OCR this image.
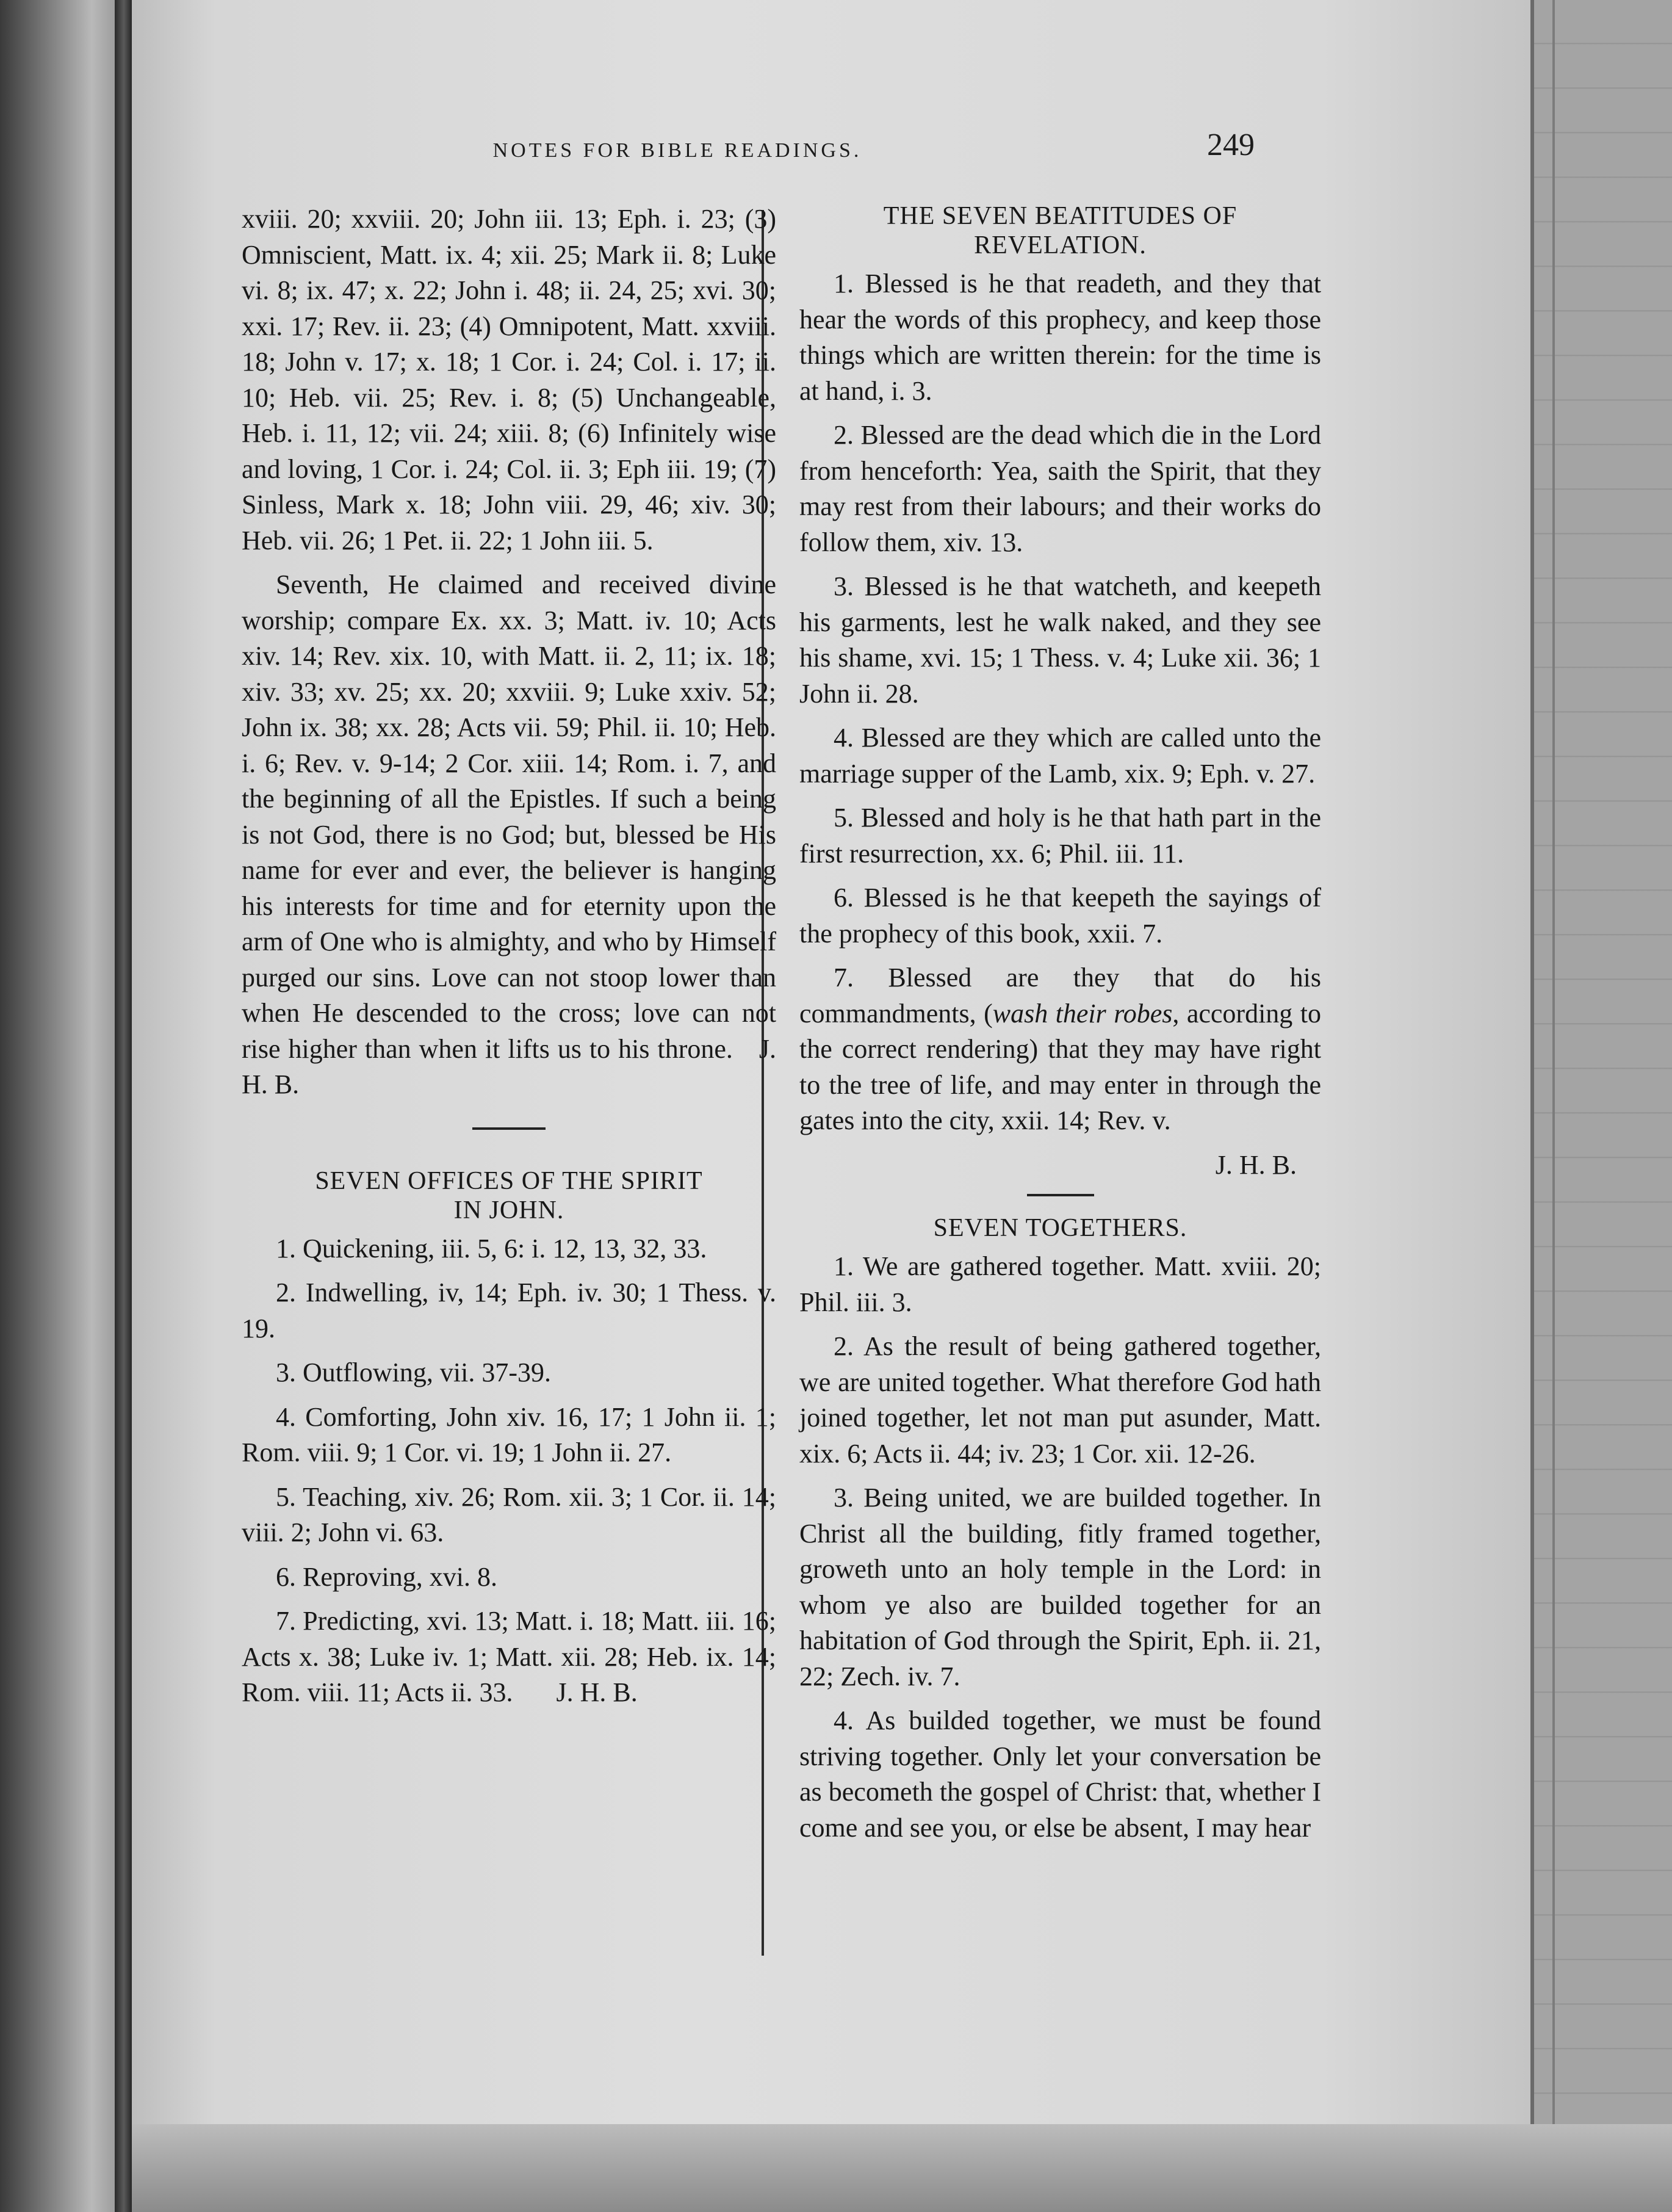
NOTES FOR BIBLE READINGS.	249

xviii. 20; xxviii. 20; John iii. 13; Eph. i. 23; (3) Omniscient, Matt. ix. 4; xii. 25; Mark ii. 8; Luke vi. 8; ix. 47; x. 22; John i. 48; ii. 24, 25; xvi. 30; xxi. 17; Rev. ii. 23; (4) Omnipotent, Matt. xxviii. 18; John v. 17; x. 18; 1 Cor. i. 24; Col. i. 17; ii. 10; Heb. vii. 25; Rev. i. 8; (5) Unchangeable, Heb. i. 11, 12; vii. 24; xiii. 8; (6) Infinitely wise and loving, 1 Cor. i. 24; Col. ii. 3; Eph iii. 19; (7) Sinless, Mark x. 18; John viii. 29, 46; xiv. 30; Heb. vii. 26; 1 Pet. ii. 22; 1 John iii. 5.

Seventh, He claimed and received divine worship; compare Ex. xx. 3; Matt. iv. 10; Acts xiv. 14; Rev. xix. 10, with Matt. ii. 2, 11; ix. 18; xiv. 33; xv. 25; xx. 20; xxviii. 9; Luke xxiv. 52; John ix. 38; xx. 28; Acts vii. 59; Phil. ii. 10; Heb. i. 6; Rev. v. 9-14; 2 Cor. xiii. 14; Rom. i. 7, and the beginning of all the Epistles. If such a being is not God, there is no God; but, blessed be His name for ever and ever, the believer is hanging his interests for time and for eternity upon the arm of One who is almighty, and who by Himself purged our sins. Love can not stoop lower than when He descended to the cross; love can not rise higher than when it lifts us to his throne. J. H. B.

SEVEN OFFICES OF THE SPIRIT
IN JOHN.

1. Quickening, iii. 5, 6: i. 12, 13, 32, 33.

2. Indwelling, iv, 14; Eph. iv. 30; 1 Thess. v. 19.

3. Outflowing, vii. 37-39.

4. Comforting, John xiv. 16, 17; 1 John ii. 1; Rom. viii. 9; 1 Cor. vi. 19; 1 John ii. 27.

5. Teaching, xiv. 26; Rom. xii. 3; 1 Cor. ii. 14; viii. 2; John vi. 63.

6. Reproving, xvi. 8.

7. Predicting, xvi. 13; Matt. i. 18; Matt. iii. 16; Acts x. 38; Luke iv. 1; Matt. xii. 28; Heb. ix. 14; Rom. viii. 11; Acts ii. 33. J. H. B.

THE SEVEN BEATITUDES OF
REVELATION.

1. Blessed is he that readeth, and they that hear the words of this prophecy, and keep those things which are written therein: for the time is at hand, i. 3.

2. Blessed are the dead which die in the Lord from henceforth: Yea, saith the Spirit, that they may rest from their labours; and their works do follow them, xiv. 13.

3. Blessed is he that watcheth, and keepeth his garments, lest he walk naked, and they see his shame, xvi. 15; 1 Thess. v. 4; Luke xii. 36; 1 John ii. 28.

4. Blessed are they which are called unto the marriage supper of the Lamb, xix. 9; Eph. v. 27.

5. Blessed and holy is he that hath part in the first resurrection, xx. 6; Phil. iii. 11.

6. Blessed is he that keepeth the sayings of the prophecy of this book, xxii. 7.

7. Blessed are they that do his commandments, (wash their robes, according to the correct rendering) that they may have right to the tree of life, and may enter in through the gates into the city, xxii. 14; Rev. v.

J. H. B.
SEVEN TOGETHERS.

1. We are gathered together. Matt. xviii. 20; Phil. iii. 3.

2. As the result of being gathered together, we are united together. What therefore God hath joined together, let not man put asunder, Matt. xix. 6; Acts ii. 44; iv. 23; 1 Cor. xii. 12-26.

3. Being united, we are builded together. In Christ all the building, fitly framed together, groweth unto an holy temple in the Lord: in whom ye also are builded together for an habitation of God through the Spirit, Eph. ii. 21, 22; Zech. iv. 7.

4. As builded together, we must be found striving together. Only let your conversation be as becometh the gospel of Christ: that, whether I come and see you, or else be absent, I may hear
